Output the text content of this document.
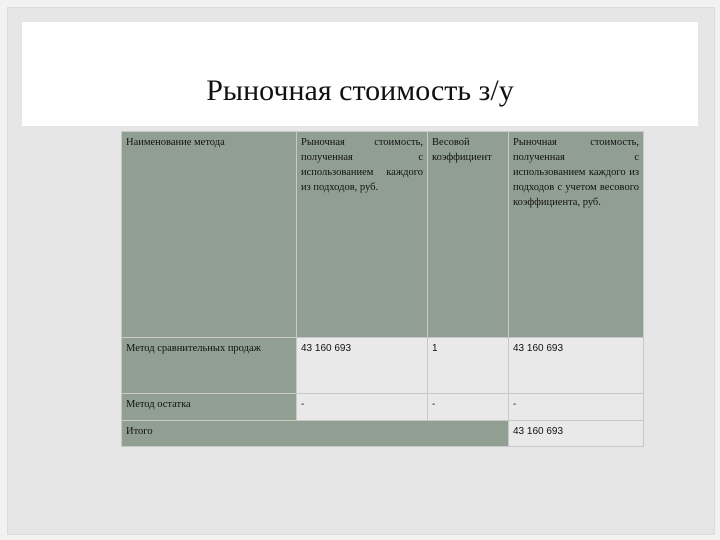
Рыночная стоимость з/у
Наименование метода	Рыночная стоимость, полученная с использованием каждого из подходов, руб.	Весовой коэффициент	Рыночная стоимость, полученная с использованием каждого из подходов с учетом весового коэффициента, руб.
Метод сравнительных продаж	43 160 693	1	43 160 693
Метод остатка	-	-	-
Итого			43 160 693
